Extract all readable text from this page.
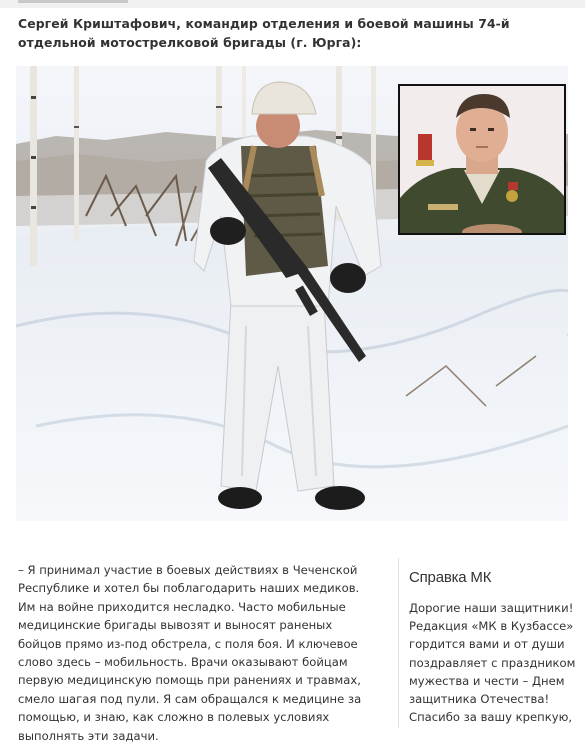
Сергей Криштафович, командир отделения и боевой машины 74-й отдельной мотострелковой бригады (г. Юрга):
– Я принимал участие в боевых действиях в Чеченской Республике и хотел бы поблагодарить наших медиков. Им на войне приходится несладко. Часто мобильные медицинские бригады вывозят и выносят раненых бойцов прямо из-под обстрела, с поля боя. И ключевое слово здесь – мобильность. Врачи оказывают бойцам первую медицинскую помощь при ранениях и травмах, смело шагая под пули. Я сам обращался к медицине за помощью, и знаю, как сложно в полевых условиях выполнять эти задачи.
Справка МК
Дорогие наши защитники! Редакция «МК в Кузбассе» гордится вами и от души поздравляет с праздником мужества и чести – Днем защитника Отечества! Спасибо за вашу крепкую,
